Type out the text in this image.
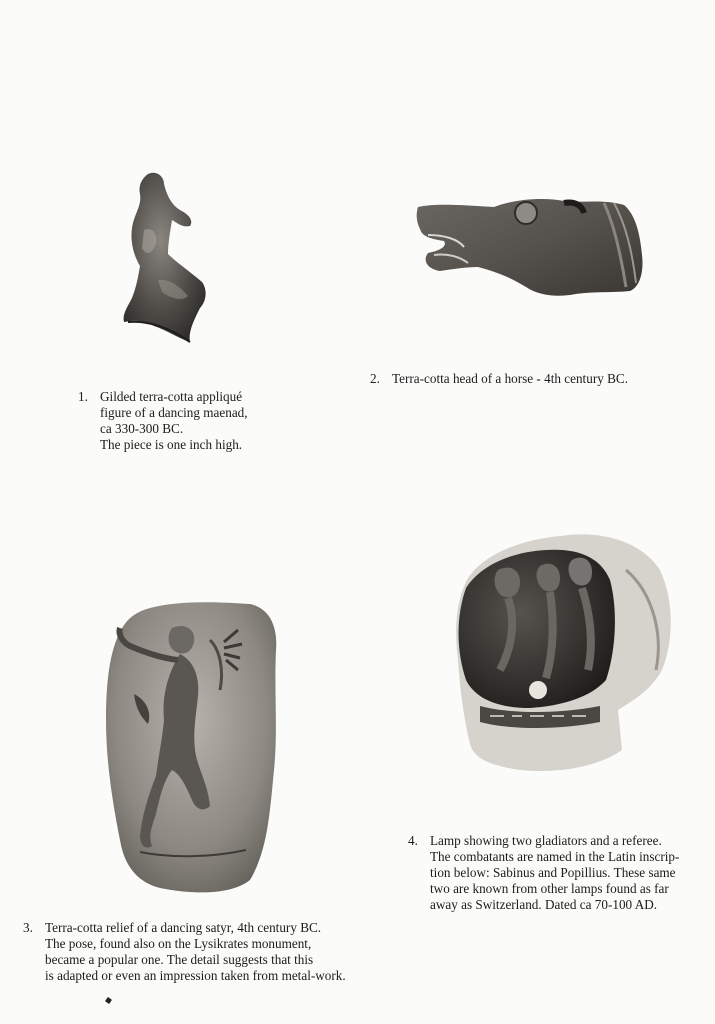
1. Gilded terra-cotta appliqué
figure of a dancing maenad,
ca 330-300 BC.
The piece is one inch high.
2. Terra-cotta head of a horse - 4th century BC.
3. Terra-cotta relief of a dancing satyr, 4th century BC.
The pose, found also on the Lysikrates monument,
became a popular one. The detail suggests that this
is adapted or even an impression taken from metal-work.
4. Lamp showing two gladiators and a referee.
The combatants are named in the Latin inscrip-
tion below: Sabinus and Popillius. These same
two are known from other lamps found as far
away as Switzerland. Dated ca 70-100 AD.
